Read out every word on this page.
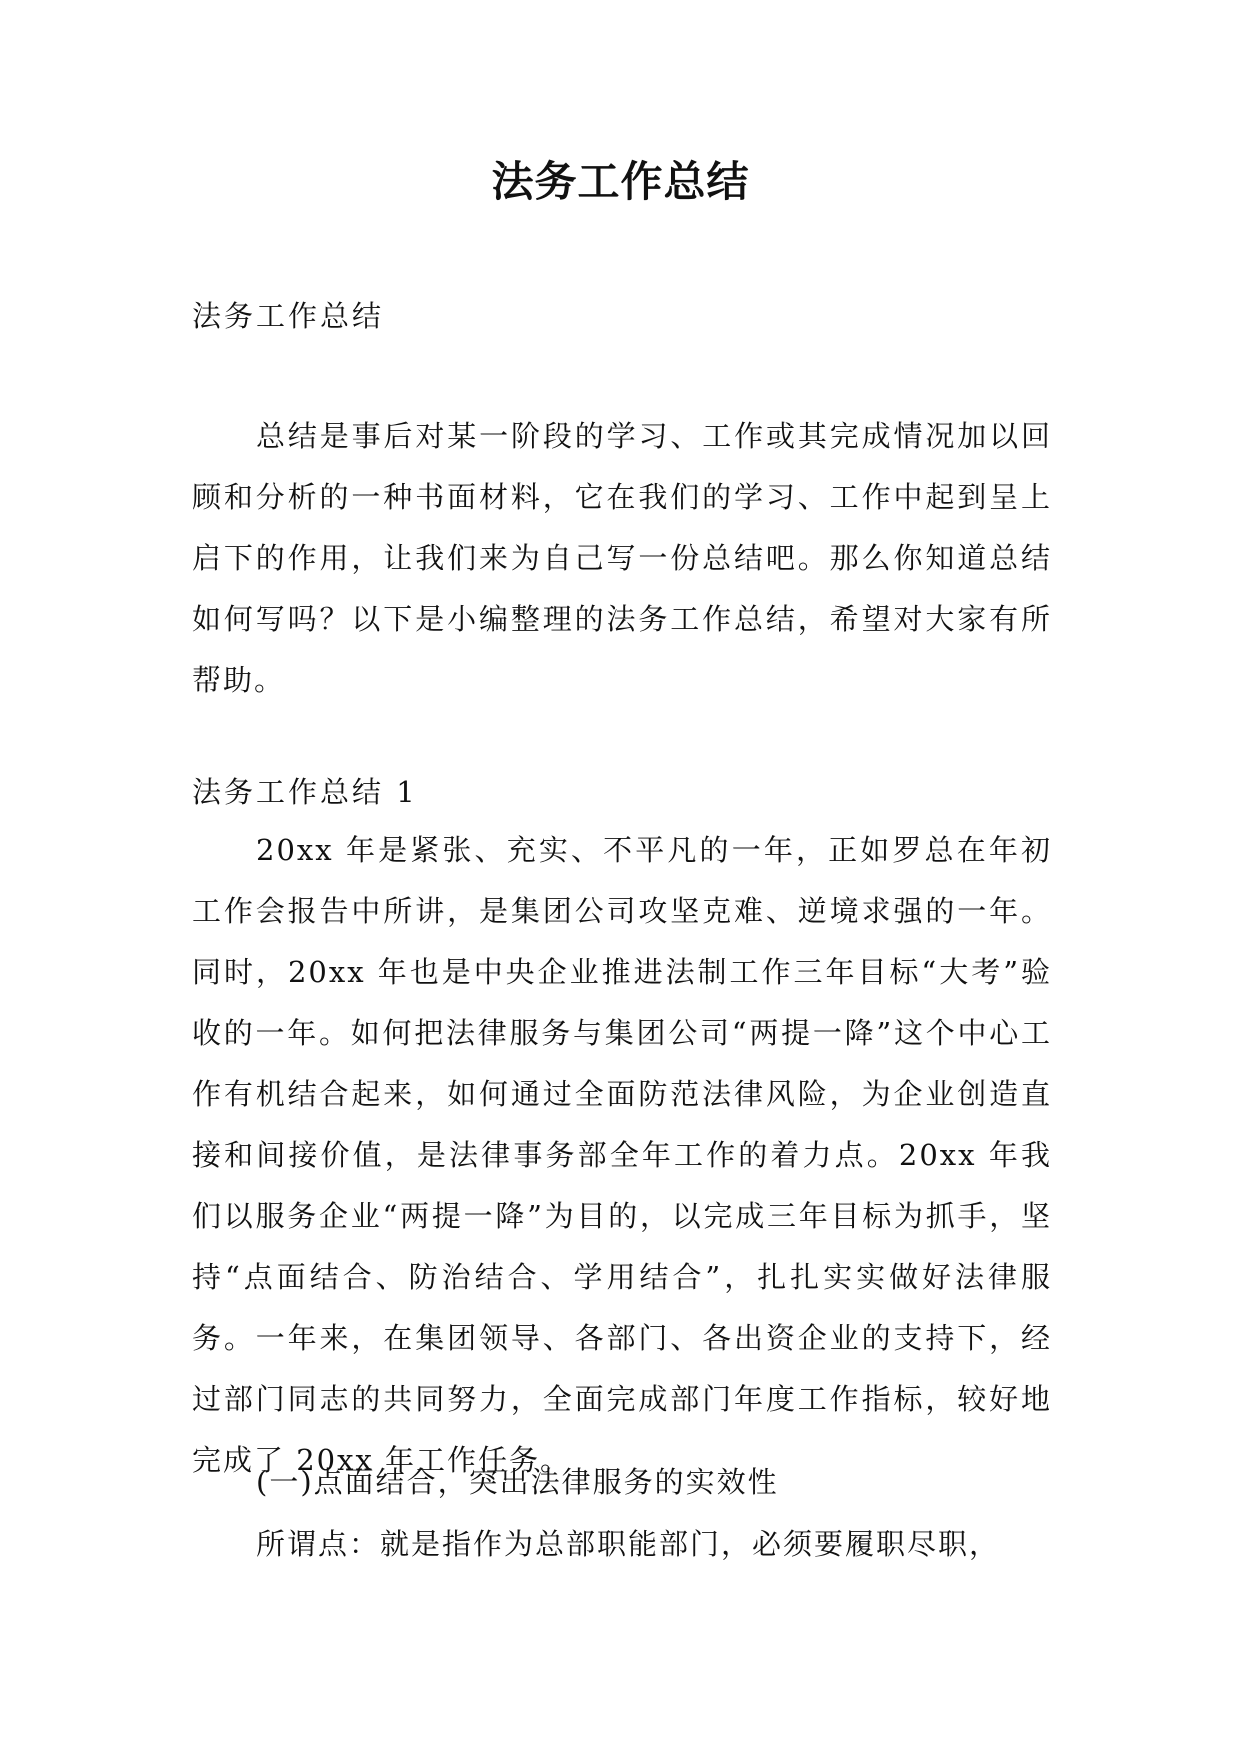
法务工作总结

法务工作总结

总结是事后对某一阶段的学习、工作或其完成情况加以回顾和分析的一种书面材料，它在我们的学习、工作中起到呈上启下的作用，让我们来为自己写一份总结吧。那么你知道总结如何写吗？以下是小编整理的法务工作总结，希望对大家有所帮助。

法务工作总结 1

20xx 年是紧张、充实、不平凡的一年，正如罗总在年初工作会报告中所讲，是集团公司攻坚克难、逆境求强的一年。同时，20xx 年也是中央企业推进法制工作三年目标“大考”验收的一年。如何把法律服务与集团公司“两提一降”这个中心工作有机结合起来，如何通过全面防范法律风险，为企业创造直接和间接价值，是法律事务部全年工作的着力点。20xx 年我们以服务企业“两提一降”为目的，以完成三年目标为抓手，坚持“点面结合、防治结合、学用结合”，扎扎实实做好法律服务。一年来，在集团领导、各部门、各出资企业的支持下，经过部门同志的共同努力，全面完成部门年度工作指标，较好地完成了 20xx 年工作任务。

(一)点面结合，突出法律服务的实效性

所谓点：就是指作为总部职能部门，必须要履职尽职，
